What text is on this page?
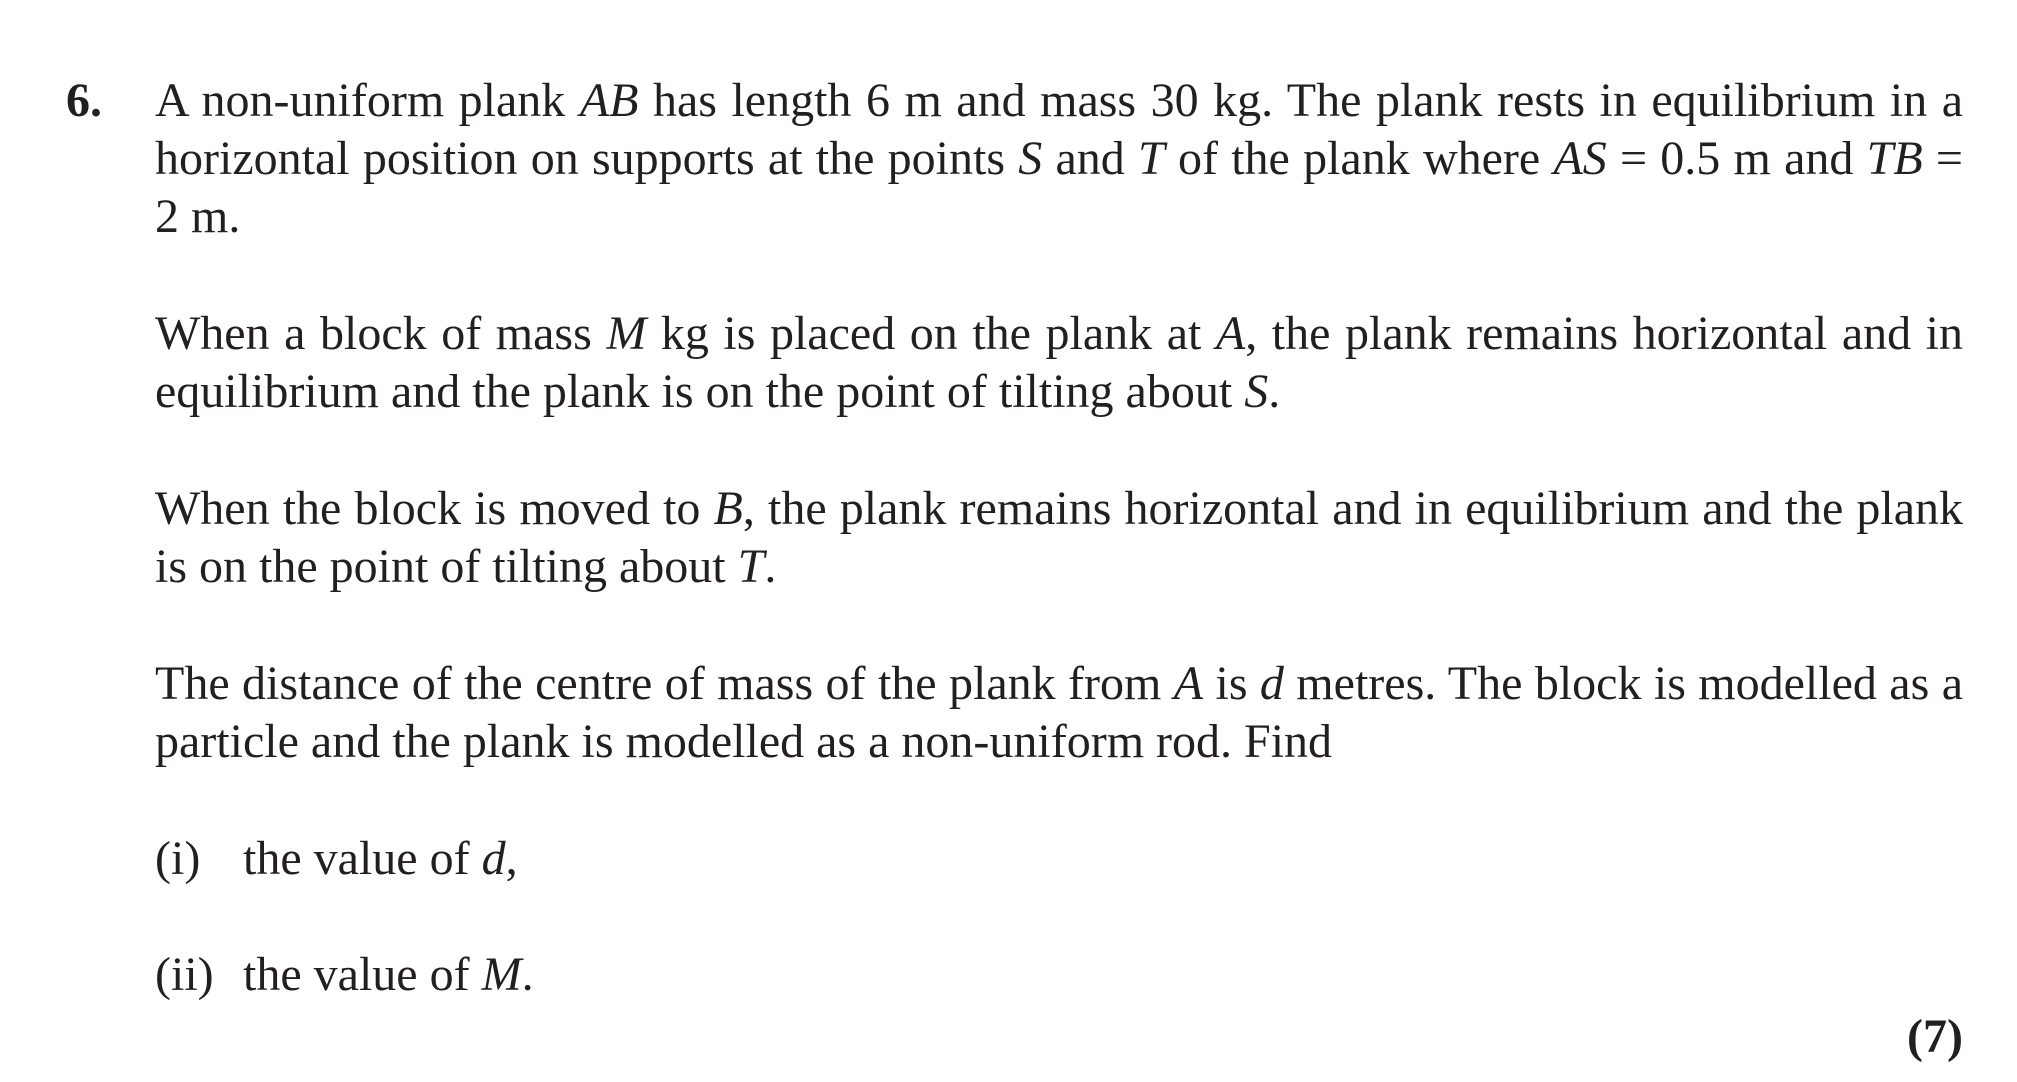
6. A non-uniform plank AB has length 6 m and mass 30 kg. The plank rests in equilibrium in a horizontal position on supports at the points S and T of the plank where AS = 0.5 m and TB = 2 m.

When a block of mass M kg is placed on the plank at A, the plank remains horizontal and in equilibrium and the plank is on the point of tilting about S.

When the block is moved to B, the plank remains horizontal and in equilibrium and the plank is on the point of tilting about T.

The distance of the centre of mass of the plank from A is d metres. The block is modelled as a particle and the plank is modelled as a non-uniform rod. Find

(i) the value of d,
(ii) the value of M.
(7)
